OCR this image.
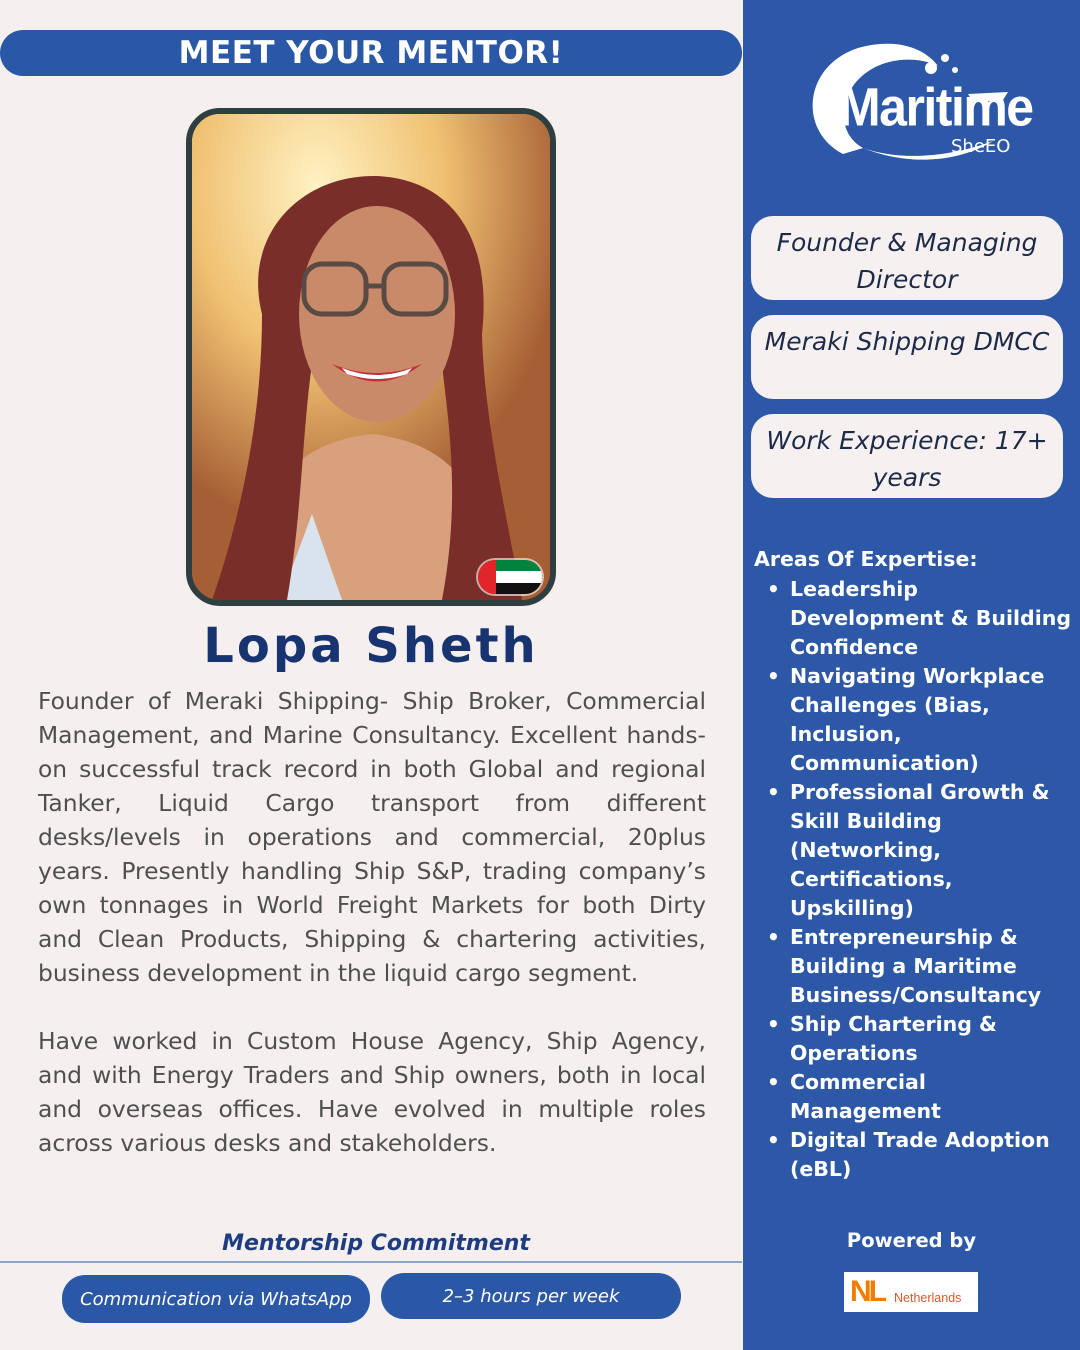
MEET YOUR MENTOR!
Lopa Sheth

Founder of Meraki Shipping- Ship Broker, Commercial Management, and Marine Consultancy. Excellent hands-on successful track record in both Global and regional Tanker, Liquid Cargo transport from different desks/levels in operations and commercial, 20plus years. Presently handling Ship S&P, trading company’s own tonnages in World Freight Markets for both Dirty and Clean Products, Shipping & chartering activities, business development in the liquid cargo segment.

Have worked in Custom House Agency, Ship Agency, and with Energy Traders and Ship owners, both in local and overseas offices. Have evolved in multiple roles across various desks and stakeholders.

Mentorship Commitment
Communication via WhatsApp	2–3 hours per week
Maritime
SheEO
Founder & Managing Director
Meraki Shipping DMCC
Work Experience: 17+ years
Areas Of Expertise:
• Leadership Development & Building Confidence
• Navigating Workplace Challenges (Bias, Inclusion, Communication)
• Professional Growth & Skill Building (Networking, Certifications, Upskilling)
• Entrepreneurship & Building a Maritime Business/Consultancy
• Ship Chartering & Operations
• Commercial Management
• Digital Trade Adoption (eBL)
Powered by
NL Netherlands
